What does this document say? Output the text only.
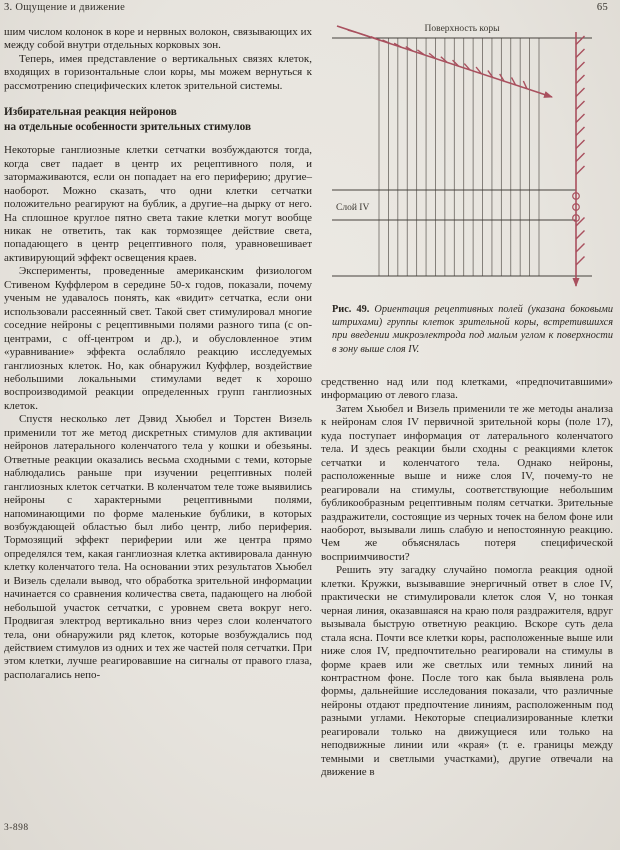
3. Ощущение и движение	65

шим числом колонок в коре и нервных волокон, связывающих их между собой внутри отдельных корковых зон.

Теперь, имея представление о вертикальных связях клеток, входящих в горизонтальные слои коры, мы можем вернуться к рассмотрению специфических клеток зрительной системы.

Избирательная реакция нейронов
на отдельные особенности зрительных стимулов

Некоторые ганглиозные клетки сетчатки возбуждаются тогда, когда свет падает в центр их рецептивного поля, и затормаживаются, если он попадает на его периферию; другие–наоборот. Можно сказать, что одни клетки сетчатки положительно реагируют на бублик, а другие–на дырку от него. На сплошное круглое пятно света такие клетки могут вообще никак не ответить, так как тормозящее действие света, попадающего в центр рецептивного поля, уравновешивает активирующий эффект освещения краев.

Эксперименты, проведенные американским физиологом Стивеном Куффлером в середине 50-х годов, показали, почему ученым не удавалось понять, как «видит» сетчатка, если они использовали рассеянный свет. Такой свет стимулировал многие соседние нейроны с рецептивными полями разного типа (с on-центрами, с off-центром и др.), и обусловленное этим «уравнивание» эффекта ослабляло реакцию исследуемых ганглиозных клеток. Но, как обнаружил Куффлер, воздействие небольшими локальными стимулами ведет к хорошо воспроизводимой реакции определенных групп ганглиозных клеток.

Спустя несколько лет Дэвид Хьюбел и Торстен Визель применили тот же метод дискретных стимулов для активации нейронов латерального коленчатого тела у кошки и обезьяны. Ответные реакции оказались весьма сходными с теми, которые наблюдались раньше при изучении рецептивных полей ганглиозных клеток сетчатки. В коленчатом теле тоже выявились нейроны с характерными рецептивными полями, напоминающими по форме маленькие бублики, в которых возбуждающей областью был либо центр, либо периферия. Тормозящий эффект периферии или же центра прямо определялся тем, какая ганглиозная клетка активировала данную клетку коленчатого тела. На основании этих результатов Хьюбел и Визель сделали вывод, что обработка зрительной информации начинается со сравнения количества света, падающего на любой небольшой участок сетчатки, с уровнем света вокруг него. Продвигая электрод вертикально вниз через слои коленчатого тела, они обнаружили ряд клеток, которые возбуждались под действием стимулов из одних и тех же частей поля сетчатки. При этом клетки, лучше реагировавшие на сигналы от правого глаза, располагались непо-

Поверхность коры
Слой IV

Рис. 49. Ориентация рецептивных полей (указана боковыми штрихами) группы клеток зрительной коры, встретившихся при введении микроэлектрода под малым углом к поверхности в зону выше слоя IV.

средственно над или под клетками, «предпочитавшими» информацию от левого глаза.

Затем Хьюбел и Визель применили те же методы анализа к нейронам слоя IV первичной зрительной коры (поле 17), куда поступает информация от латерального коленчатого тела. И здесь реакции были сходны с реакциями клеток сетчатки и коленчатого тела. Однако нейроны, расположенные выше и ниже слоя IV, почему-то не реагировали на стимулы, соответствующие небольшим бубликообразным рецептивным полям сетчатки. Зрительные раздражители, состоящие из черных точек на белом фоне или наоборот, вызывали лишь слабую и непостоянную реакцию. Чем же объяснялась потеря специфической восприимчивости?

Решить эту загадку случайно помогла реакция одной клетки. Кружки, вызывавшие энергичный ответ в слое IV, практически не стимулировали клеток слоя V, но тонкая черная линия, оказавшаяся на краю поля раздражителя, вдруг вызывала быструю ответную реакцию. Вскоре суть дела стала ясна. Почти все клетки коры, расположенные выше или ниже слоя IV, предпочтительно реагировали на стимулы в форме краев или же светлых или темных линий на контрастном фоне. После того как была выявлена роль формы, дальнейшие исследования показали, что различные нейроны отдают предпочтение линиям, расположенным под разными углами. Некоторые специализированные клетки реагировали только на движущиеся или только на неподвижные линии или «края» (т. е. границы между темными и светлыми участками), другие отвечали на движение в

3-898
